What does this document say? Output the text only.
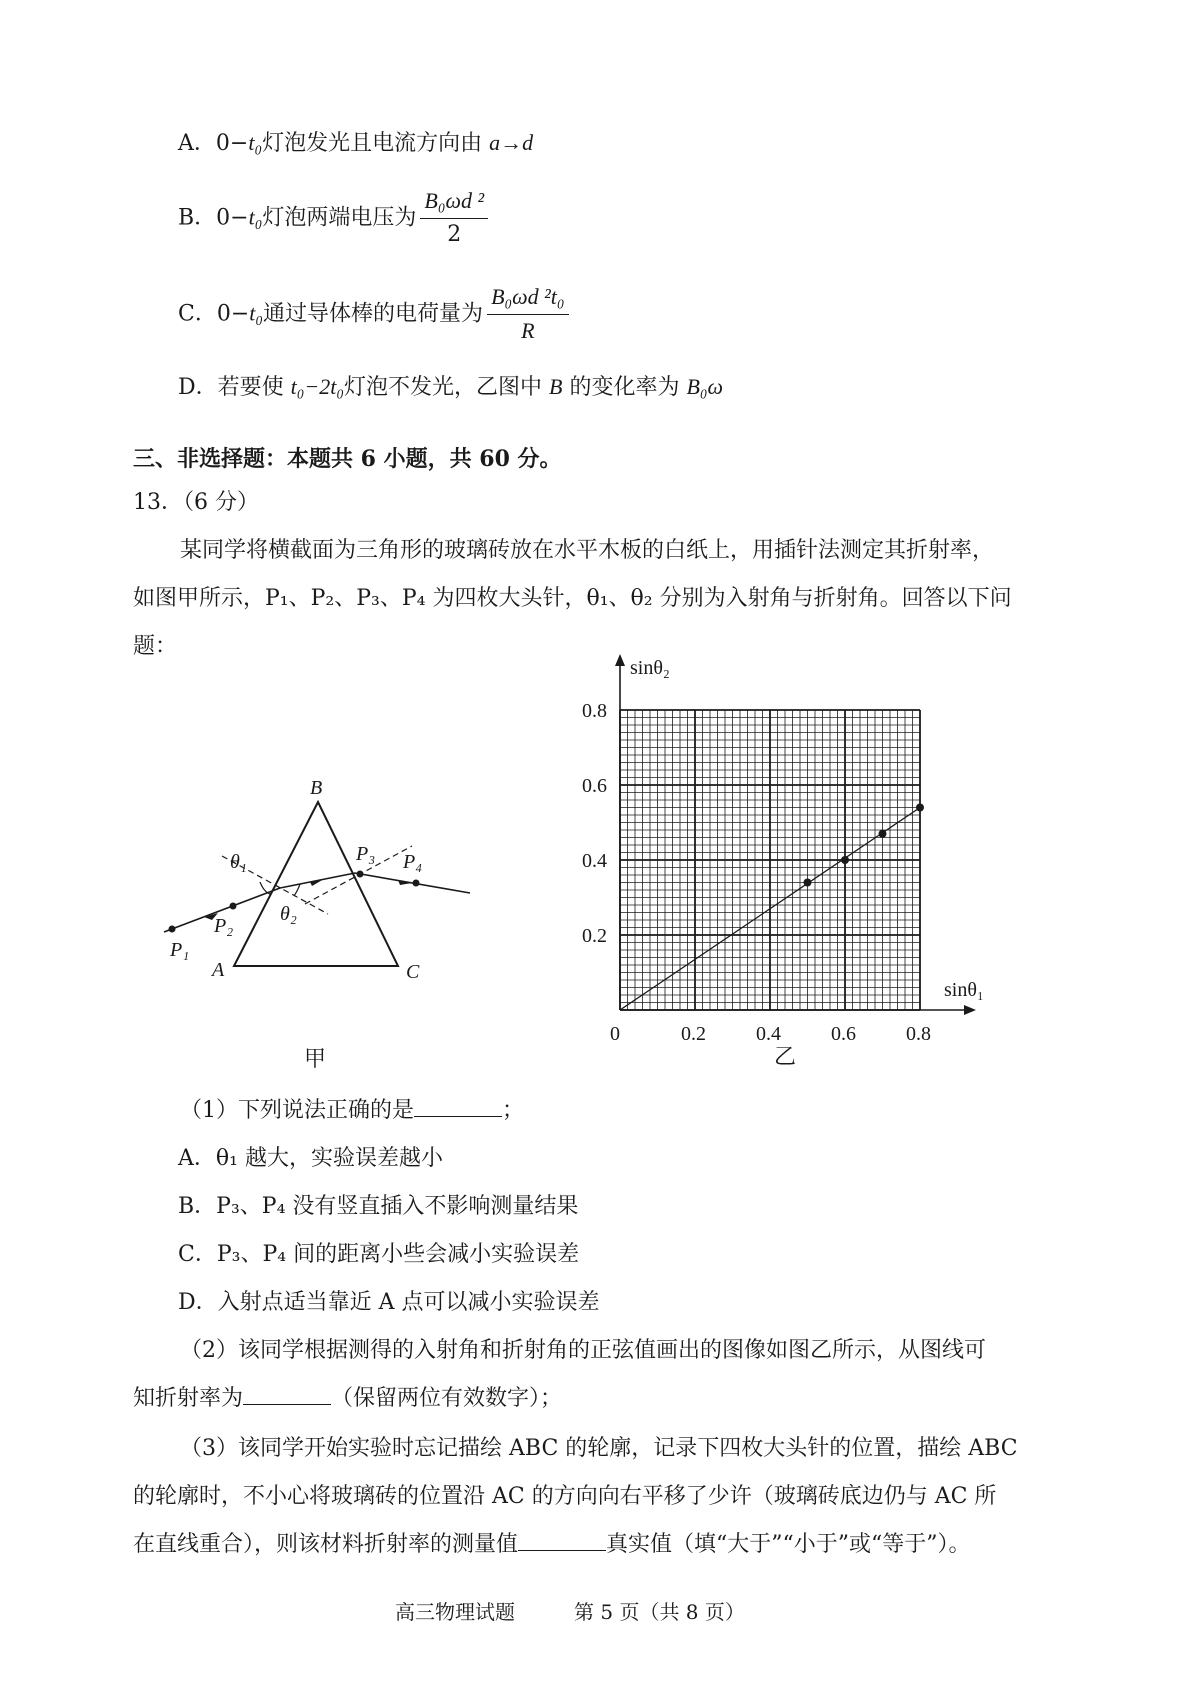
A．0−t₀灯泡发光且电流方向由 a→d
B．0−t₀灯泡两端电压为 $\frac{\text{B₀ωd ²}}{2}$
C．0−t₀通过导体棒的电荷量为 $\frac{\text{B₀ωd ²t₀}}{R}$
D．若要使 t₀−2t₀灯泡不发光，乙图中 B 的变化率为 B₀ω
三、非选择题：本题共 6 小题，共 60 分。
13．（6 分）
某同学将横截面为三角形的玻璃砖放在水平木板的白纸上，用插针法测定其折射率，
如图甲所示，P₁、P₂、P₃、P₄ 为四枚大头针，θ₁、θ₂ 分别为入射角与折射角。回答以下问
题：
B
A	C
P₁
P₂
P₃ P₄
θ₁
θ₂
甲
0	0.2	0.4	0.6	0.8
0.2
0.4
0.6
0.8
sinθ₁
sinθ₂
乙
（1）下列说法正确的是	；
A．θ₁ 越大，实验误差越小
B．P₃、P₄ 没有竖直插入不影响测量结果
C．P₃、P₄ 间的距离小些会减小实验误差
D．入射点适当靠近 A 点可以减小实验误差
（2）该同学根据测得的入射角和折射角的正弦值画出的图像如图乙所示，从图线可
知折射率为	（保留两位有效数字）；
（3）该同学开始实验时忘记描绘 ABC 的轮廓，记录下四枚大头针的位置，描绘 ABC
的轮廓时，不小心将玻璃砖的位置沿 AC 的方向向右平移了少许（玻璃砖底边仍与 AC 所
在直线重合），则该材料折射率的测量值	真实值（填“大于”“小于”或“等于”）。
高三物理试题	第 5 页（共 8 页）
